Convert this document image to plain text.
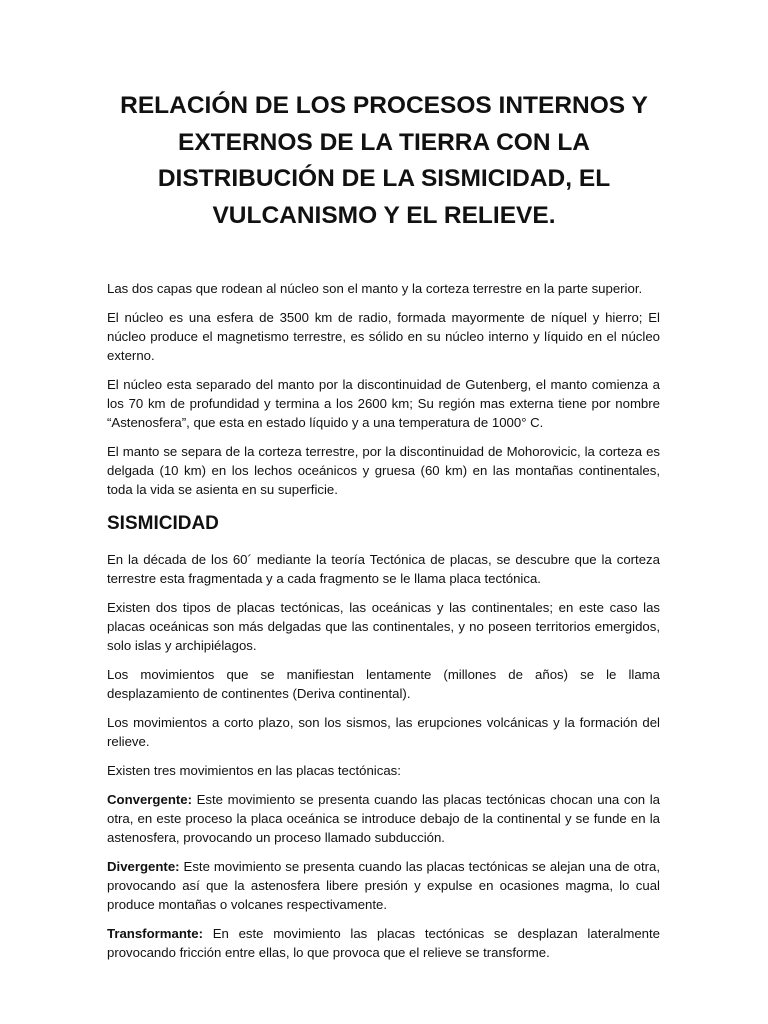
RELACIÓN DE LOS PROCESOS INTERNOS Y EXTERNOS DE LA TIERRA CON LA DISTRIBUCIÓN DE LA SISMICIDAD, EL VULCANISMO Y EL RELIEVE.

Las dos capas que rodean al núcleo son el manto y la corteza terrestre en la parte superior.

El núcleo es una esfera de 3500 km de radio, formada mayormente de níquel y hierro; El núcleo produce el magnetismo terrestre, es sólido en su núcleo interno y líquido en el núcleo externo.

El núcleo esta separado del manto por la discontinuidad de Gutenberg, el manto comienza a los 70 km de profundidad y termina a los 2600 km; Su región mas externa tiene por nombre “Astenosfera”, que esta en estado líquido y a una temperatura de 1000° C.

El manto se separa de la corteza terrestre, por la discontinuidad de Mohorovicic, la corteza es delgada (10 km) en los lechos oceánicos y gruesa (60 km) en las montañas continentales, toda la vida se asienta en su superficie.

SISMICIDAD

En la década de los 60´ mediante la teoría Tectónica de placas, se descubre que la corteza terrestre esta fragmentada y a cada fragmento se le llama placa tectónica.

Existen dos tipos de placas tectónicas, las oceánicas y las continentales; en este caso las placas oceánicas son más delgadas que las continentales, y no poseen territorios emergidos, solo islas y archipiélagos.

Los movimientos que se manifiestan lentamente (millones de años) se le llama desplazamiento de continentes (Deriva continental).

Los movimientos a corto plazo, son los sismos, las erupciones volcánicas y la formación del relieve.

Existen tres movimientos en las placas tectónicas:

Convergente: Este movimiento se presenta cuando las placas tectónicas chocan una con la otra, en este proceso la placa oceánica se introduce debajo de la continental y se funde en la astenosfera, provocando un proceso llamado subducción.

Divergente: Este movimiento se presenta cuando las placas tectónicas se alejan una de otra, provocando así que la astenosfera libere presión y expulse en ocasiones magma, lo cual produce montañas o volcanes respectivamente.

Transformante: En este movimiento las placas tectónicas se desplazan lateralmente provocando fricción entre ellas, lo que provoca que el relieve se transforme.
